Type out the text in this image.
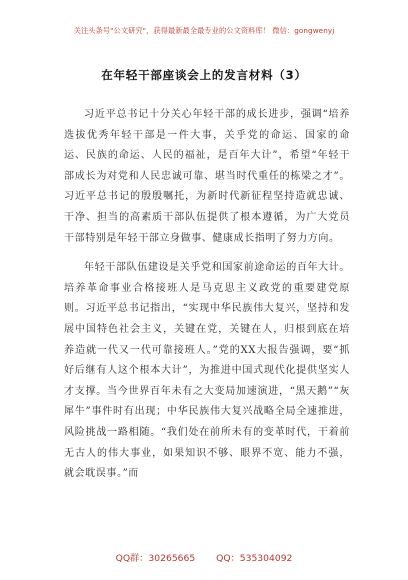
关注头条号"公文研究"，获得最新最全最专业的公文资料库！ 微信：gongwenyj
在年轻干部座谈会上的发言材料（3）

习近平总书记十分关心年轻干部的成长进步，强调“培养选拔优秀年轻干部是一件大事，关乎党的命运、国家的命运、民族的命运、人民的福祉，是百年大计”，希望“年轻干部成长为对党和人民忠诚可靠、堪当时代重任的栋梁之才”。习近平总书记的殷殷嘱托，为新时代新征程坚持造就忠诚、干净、担当的高素质干部队伍提供了根本遵循，为广大党员干部特别是年轻干部立身做事、健康成长指明了努力方向。

年轻干部队伍建设是关乎党和国家前途命运的百年大计。培养革命事业合格接班人是马克思主义政党的重要建党原则。习近平总书记指出，“实现中华民族伟大复兴，坚持和发展中国特色社会主义，关键在党，关键在人，归根到底在培养造就一代又一代可靠接班人。”党的XX大报告强调，要“抓好后继有人这个根本大计”，为推进中国式现代化提供坚实人才支撑。当今世界百年未有之大变局加速演进，“黑天鹅”“灰犀牛”事件时有出现；中华民族伟大复兴战略全局全速推进，风险挑战一路相随。“我们处在前所未有的变革时代，干着前无古人的伟大事业，如果知识不够、眼界不宽、能力不强，就会耽误事。”而

QQ群：30265665 QQ：535304092
